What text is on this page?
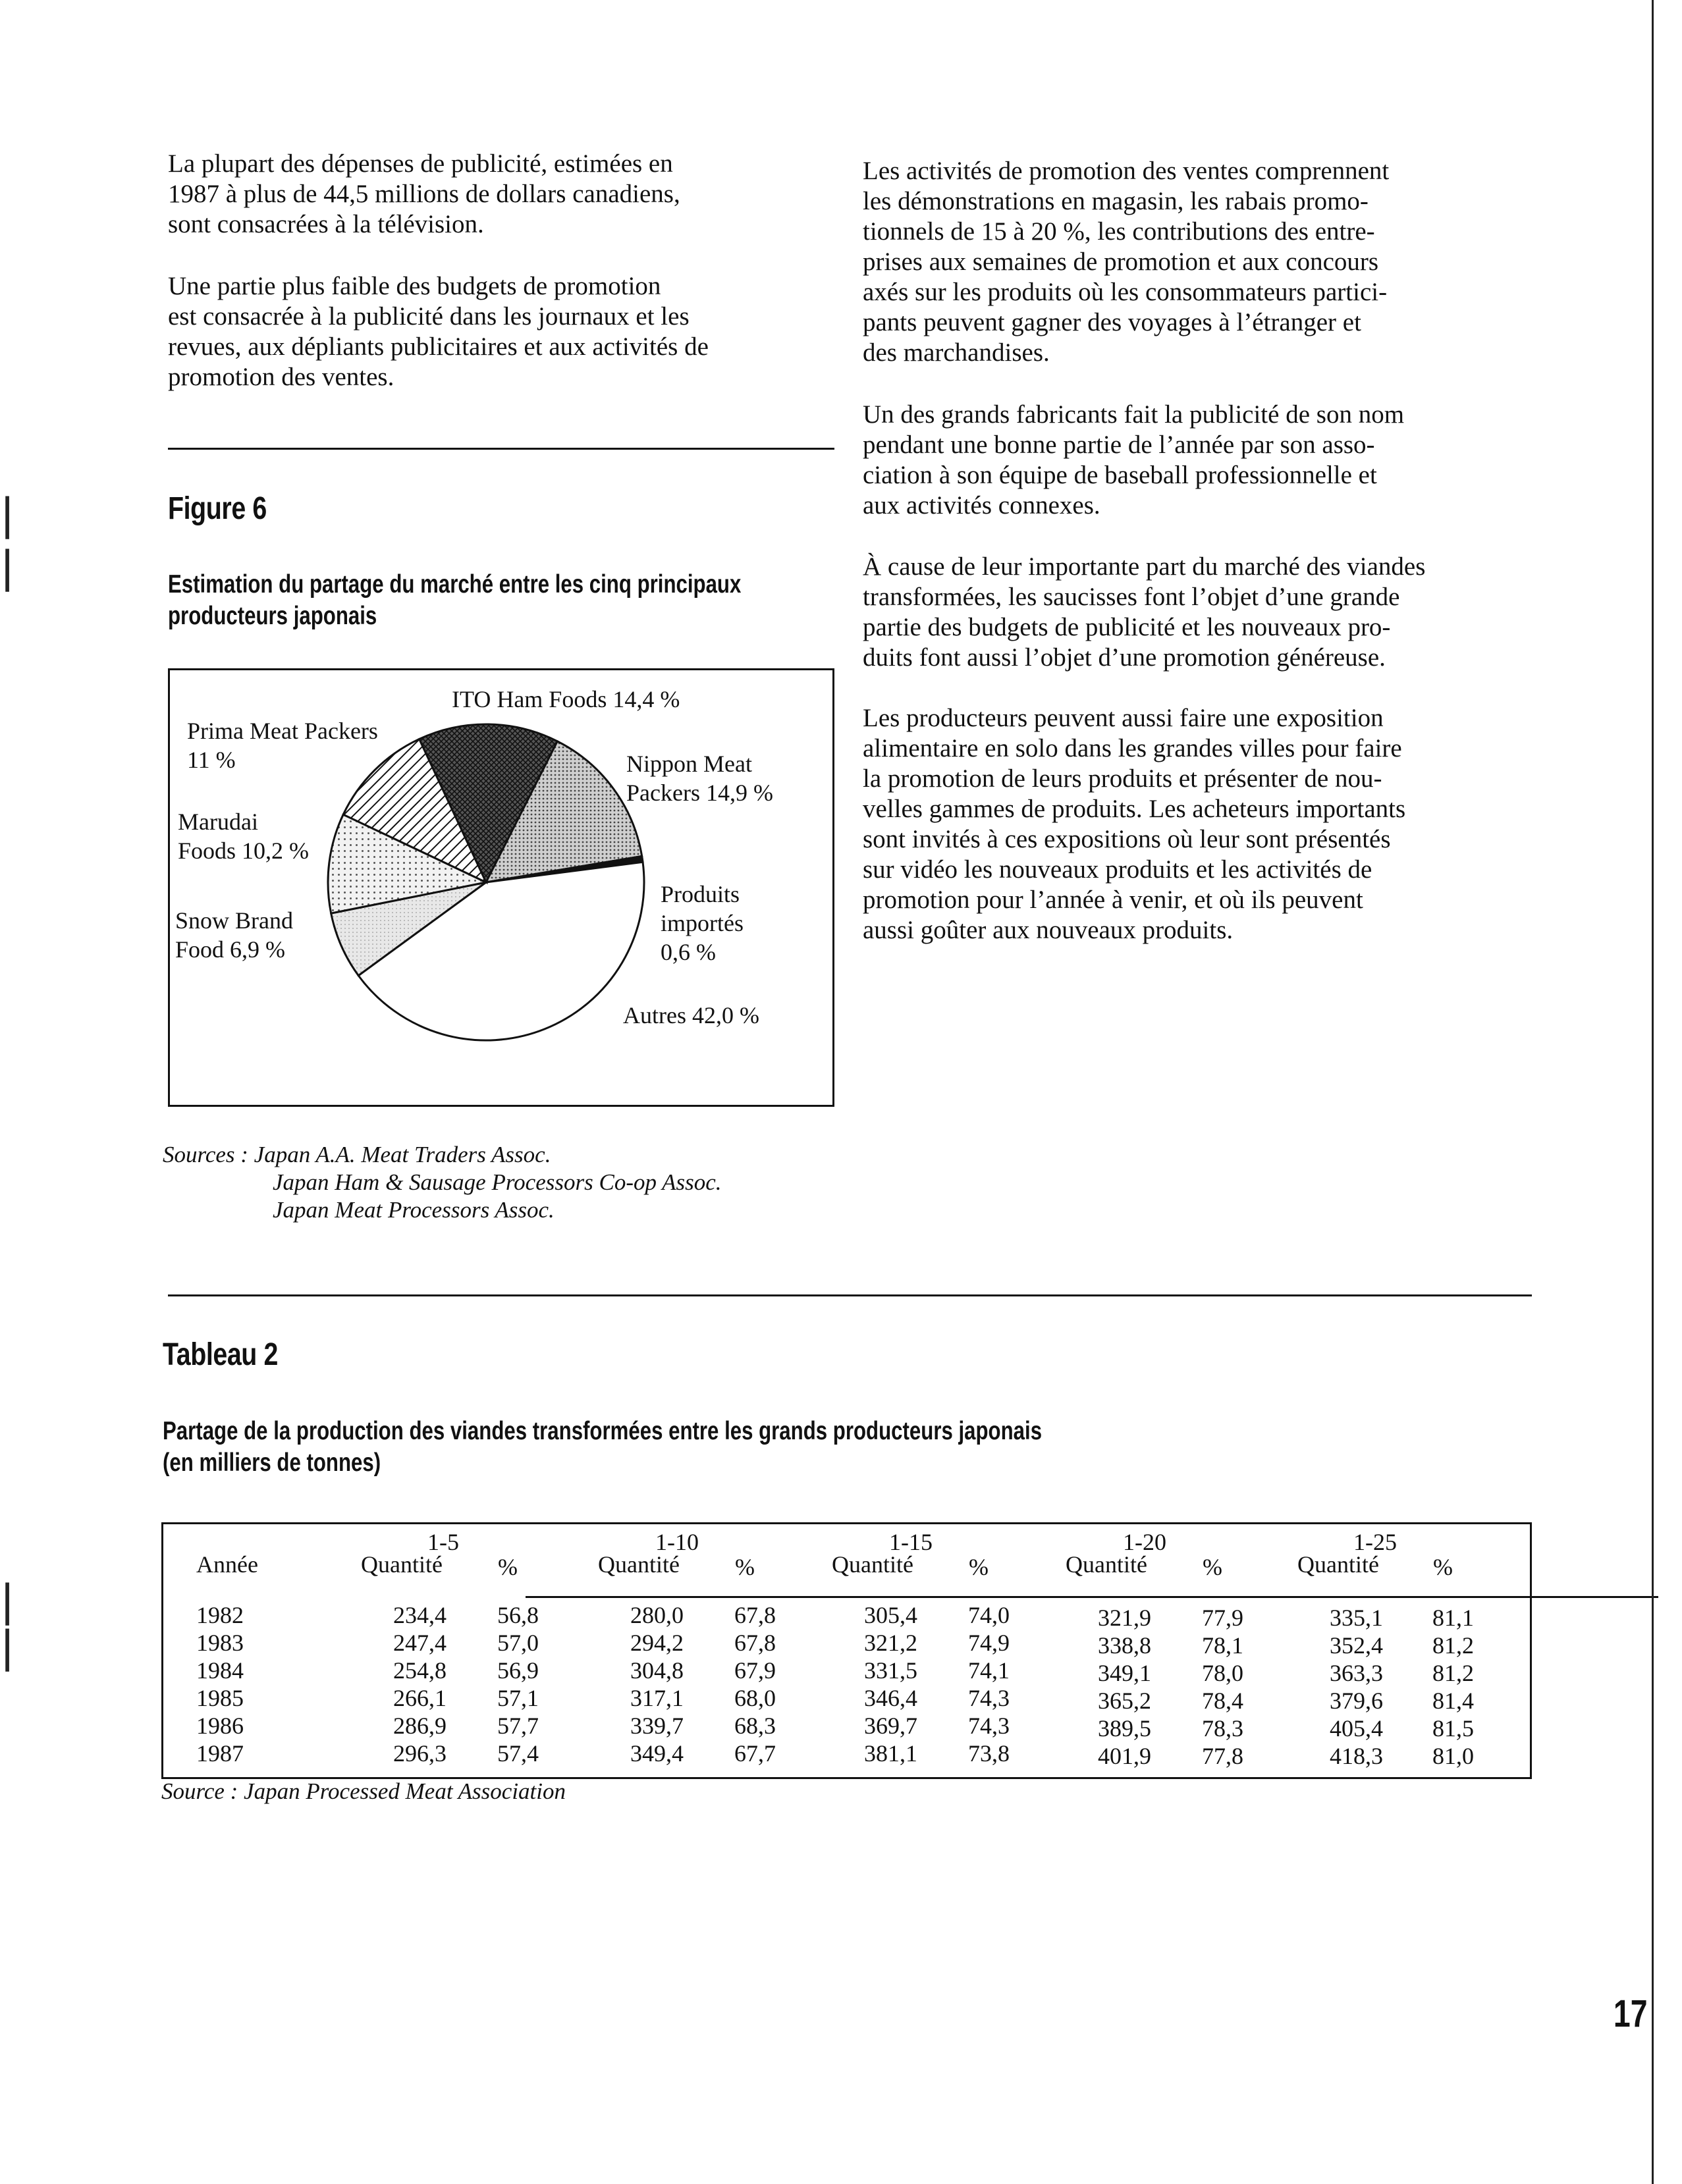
La plupart des dépenses de publicité, estimées en
1987 à plus de 44,5 millions de dollars canadiens,
sont consacrées à la télévision.
Une partie plus faible des budgets de promotion
est consacrée à la publicité dans les journaux et les
revues, aux dépliants publicitaires et aux activités de
promotion des ventes.
Les activités de promotion des ventes comprennent
les démonstrations en magasin, les rabais promo-
tionnels de 15 à 20 %, les contributions des entre-
prises aux semaines de promotion et aux concours
axés sur les produits où les consommateurs partici-
pants peuvent gagner des voyages à l’étranger et
des marchandises.
Un des grands fabricants fait la publicité de son nom
pendant une bonne partie de l’année par son asso-
ciation à son équipe de baseball professionnelle et
aux activités connexes.
À cause de leur importante part du marché des viandes
transformées, les saucisses font l’objet d’une grande
partie des budgets de publicité et les nouveaux pro-
duits font aussi l’objet d’une promotion généreuse.
Les producteurs peuvent aussi faire une exposition
alimentaire en solo dans les grandes villes pour faire
la promotion de leurs produits et présenter de nou-
velles gammes de produits. Les acheteurs importants
sont invités à ces expositions où leur sont présentés
sur vidéo les nouveaux produits et les activités de
promotion pour l’année à venir, et où ils peuvent
aussi goûter aux nouveaux produits.
Figure 6
Estimation du partage du marché entre les cinq principaux
producteurs japonais
ITO Ham Foods 14,4 %
Nippon Meat
Packers 14,9 %
Produits
importés
0,6 %
Autres 42,0 %
Snow Brand
Food 6,9 %
Marudai
Foods 10,2 %
Prima Meat Packers
11 %
Sources : Japan A.A. Meat Traders Assoc.
Japan Ham & Sausage Processors Co-op Assoc.
Japan Meat Processors Assoc.
Tableau 2
Partage de la production des viandes transformées entre les grands producteurs japonais
(en milliers de tonnes)
Année
1-5
Quantité	%
1-10
Quantité	%
1-15
Quantité	%
1-20
Quantité	%
1-25
Quantité	%
1982	234,4	56,8	280,0	67,8	305,4	74,0	321,9	77,9	335,1	81,1
1983	247,4	57,0	294,2	67,8	321,2	74,9	338,8	78,1	352,4	81,2
1984	254,8	56,9	304,8	67,9	331,5	74,1	349,1	78,0	363,3	81,2
1985	266,1	57,1	317,1	68,0	346,4	74,3	365,2	78,4	379,6	81,4
1986	286,9	57,7	339,7	68,3	369,7	74,3	389,5	78,3	405,4	81,5
1987	296,3	57,4	349,4	67,7	381,1	73,8	401,9	77,8	418,3	81,0
Source : Japan Processed Meat Association
17
|
|
|
|
